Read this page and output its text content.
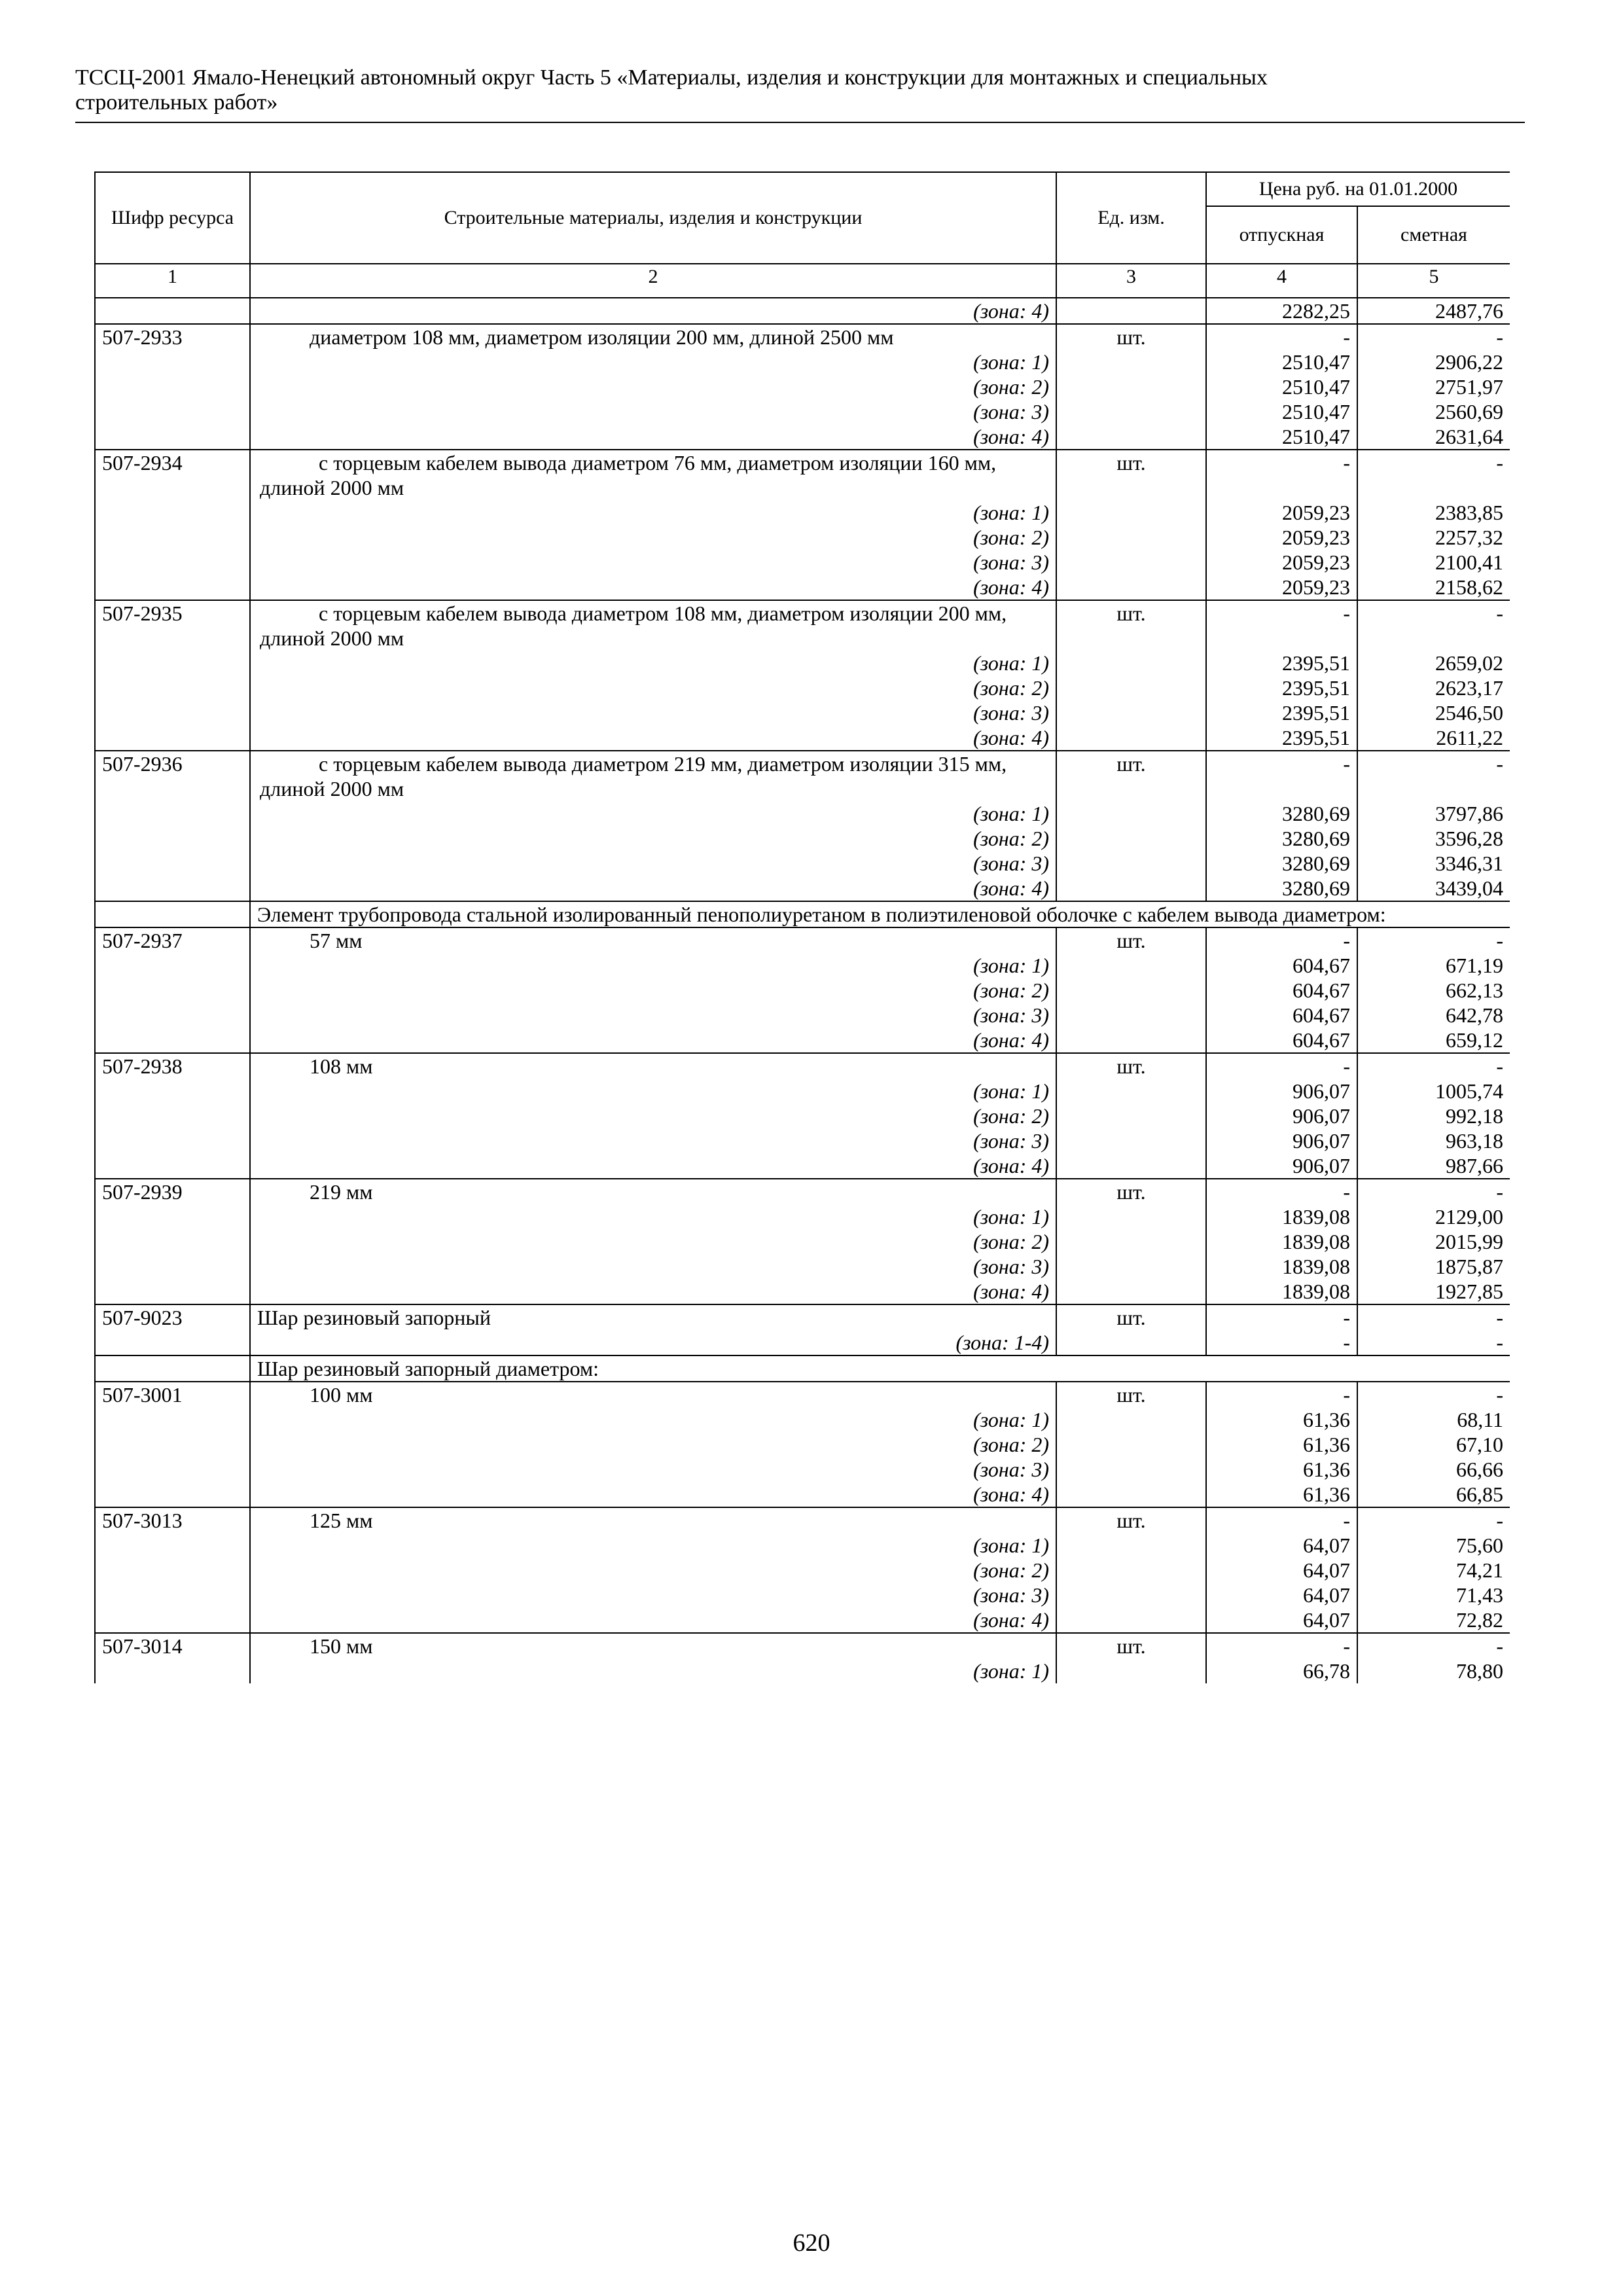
ТССЦ-2001 Ямало-Ненецкий автономный округ Часть 5 «Материалы, изделия и конструкции для монтажных и специальных
строительных работ»
Шифр ресурса	Строительные материалы, изделия и конструкции	Ед. изм.	Цена руб. на 01.01.2000	
			отпускная	сметная
1	2	3	4	5
	(зона: 4)		2282,25	2487,76
507-2933	диаметром 108 мм, диаметром изоляции 200 мм, длиной 2500 мм	шт.	-	-
	(зона: 1)		2510,47	2906,22
	(зона: 2)		2510,47	2751,97
	(зона: 3)		2510,47	2560,69
	(зона: 4)		2510,47	2631,64
507-2934	с торцевым кабелем вывода диаметром 76 мм, диаметром изоляции 160 мм, длиной 2000 мм	шт.	-	-
	(зона: 1)		2059,23	2383,85
	(зона: 2)		2059,23	2257,32
	(зона: 3)		2059,23	2100,41
	(зона: 4)		2059,23	2158,62
507-2935	с торцевым кабелем вывода диаметром 108 мм, диаметром изоляции 200 мм, длиной 2000 мм	шт.	-	-
	(зона: 1)		2395,51	2659,02
	(зона: 2)		2395,51	2623,17
	(зона: 3)		2395,51	2546,50
	(зона: 4)		2395,51	2611,22
507-2936	с торцевым кабелем вывода диаметром 219 мм, диаметром изоляции 315 мм, длиной 2000 мм	шт.	-	-
	(зона: 1)		3280,69	3797,86
	(зона: 2)		3280,69	3596,28
	(зона: 3)		3280,69	3346,31
	(зона: 4)		3280,69	3439,04
	Элемент трубопровода стальной изолированный пенополиуретаном в полиэтиленовой оболочке с кабелем вывода диаметром:			
507-2937	57 мм	шт.	-	-
	(зона: 1)		604,67	671,19
	(зона: 2)		604,67	662,13
	(зона: 3)		604,67	642,78
	(зона: 4)		604,67	659,12
507-2938	108 мм	шт.	-	-
	(зона: 1)		906,07	1005,74
	(зона: 2)		906,07	992,18
	(зона: 3)		906,07	963,18
	(зона: 4)		906,07	987,66
507-2939	219 мм	шт.	-	-
	(зона: 1)		1839,08	2129,00
	(зона: 2)		1839,08	2015,99
	(зона: 3)		1839,08	1875,87
	(зона: 4)		1839,08	1927,85
507-9023	Шар резиновый запорный	шт.	-	-
	(зона: 1-4)		-	-
	Шар резиновый запорный диаметром:			
507-3001	100 мм	шт.	-	-
	(зона: 1)		61,36	68,11
	(зона: 2)		61,36	67,10
	(зона: 3)		61,36	66,66
	(зона: 4)		61,36	66,85
507-3013	125 мм	шт.	-	-
	(зона: 1)		64,07	75,60
	(зона: 2)		64,07	74,21
	(зона: 3)		64,07	71,43
	(зона: 4)		64,07	72,82
507-3014	150 мм	шт.	-	-
	(зона: 1)		66,78	78,80
620
